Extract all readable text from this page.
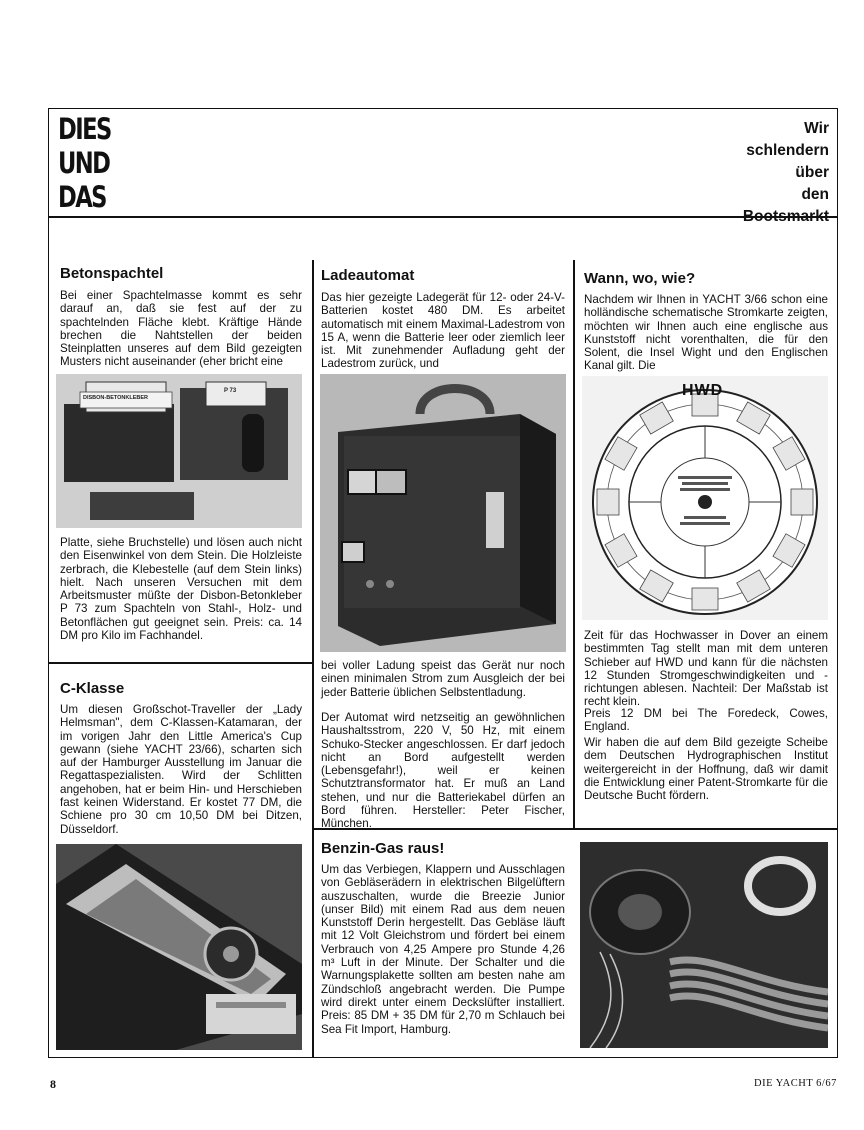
DIES
UND
DAS
Wir
schlendern
über
den
Bootsmarkt
Betonspachtel
Bei einer Spachtelmasse kommt es sehr darauf an, daß sie fest auf der zu spachtelnden Fläche klebt. Kräftige Hände brechen die Nahtstellen der beiden Steinplatten unseres auf dem Bild gezeigten Musters nicht auseinander (eher bricht eine
DISBON-BETONKLEBER
P 73
Platte, siehe Bruchstelle) und lösen auch nicht den Eisenwinkel von dem Stein. Die Holzleiste zerbrach, die Klebestelle (auf dem Stein links) hielt. Nach unseren Versuchen mit dem Arbeitsmuster müßte der Disbon-Betonkleber P 73 zum Spachteln von Stahl-, Holz- und Betonflächen gut geeignet sein. Preis: ca. 14 DM pro Kilo im Fachhandel.
C-Klasse
Um diesen Großschot-Traveller der „Lady Helmsman", dem C-Klassen-Katamaran, der im vorigen Jahr den Little America's Cup gewann (siehe YACHT 23/66), scharten sich auf der Hamburger Ausstellung im Januar die Regattaspezialisten. Wird der Schlitten angehoben, hat er beim Hin- und Herschieben fast keinen Widerstand. Er kostet 77 DM, die Schiene pro 30 cm 10,50 DM bei Ditzen, Düsseldorf.
Ladeautomat
Das hier gezeigte Ladegerät für 12- oder 24-V-Batterien kostet 480 DM. Es arbeitet automatisch mit einem Maximal-Ladestrom von 15 A, wenn die Batterie leer oder ziemlich leer ist. Mit zunehmender Aufladung geht der Ladestrom zurück, und
bei voller Ladung speist das Gerät nur noch einen minimalen Strom zum Ausgleich der bei jeder Batterie üblichen Selbstentladung.
Der Automat wird netzseitig an gewöhnlichen Haushaltsstrom, 220 V, 50 Hz, mit einem Schuko-Stecker angeschlossen. Er darf jedoch nicht an Bord aufgestellt werden (Lebensgefahr!), weil er keinen Schutztransformator hat. Er muß an Land stehen, und nur die Batteriekabel dürfen an Bord führen. Hersteller: Peter Fischer, München.
Wann, wo, wie?
Nachdem wir Ihnen in YACHT 3/66 schon eine holländische schematische Stromkarte zeigten, möchten wir Ihnen auch eine englische aus Kunststoff nicht vorenthalten, die für den Solent, die Insel Wight und den Englischen Kanal gilt. Die
HWD
Zeit für das Hochwasser in Dover an einem bestimmten Tag stellt man mit dem unteren Schieber auf HWD und kann für die nächsten 12 Stunden Stromgeschwindigkeiten und -richtungen ablesen. Nachteil: Der Maßstab ist recht klein.
Preis 12 DM bei The Foredeck, Cowes, England.
Wir haben die auf dem Bild gezeigte Scheibe dem Deutschen Hydrographischen Institut weitergereicht in der Hoffnung, daß wir damit die Entwicklung einer Patent-Stromkarte für die Deutsche Bucht fördern.
Benzin-Gas raus!
Um das Verbiegen, Klappern und Ausschlagen von Gebläserädern in elektrischen Bilgelüftern auszuschalten, wurde die Breezie Junior (unser Bild) mit einem Rad aus dem neuen Kunststoff Derin hergestellt. Das Gebläse läuft mit 12 Volt Gleichstrom und fördert bei einem Verbrauch von 4,25 Ampere pro Stunde 4,26 m³ Luft in der Minute. Der Schalter und die Warnungsplakette sollten am besten nahe am Zündschloß angebracht werden. Die Pumpe wird direkt unter einem Deckslüfter installiert. Preis: 85 DM + 35 DM für 2,70 m Schlauch bei Sea Fit Import, Hamburg.
8	DIE YACHT 6/67
